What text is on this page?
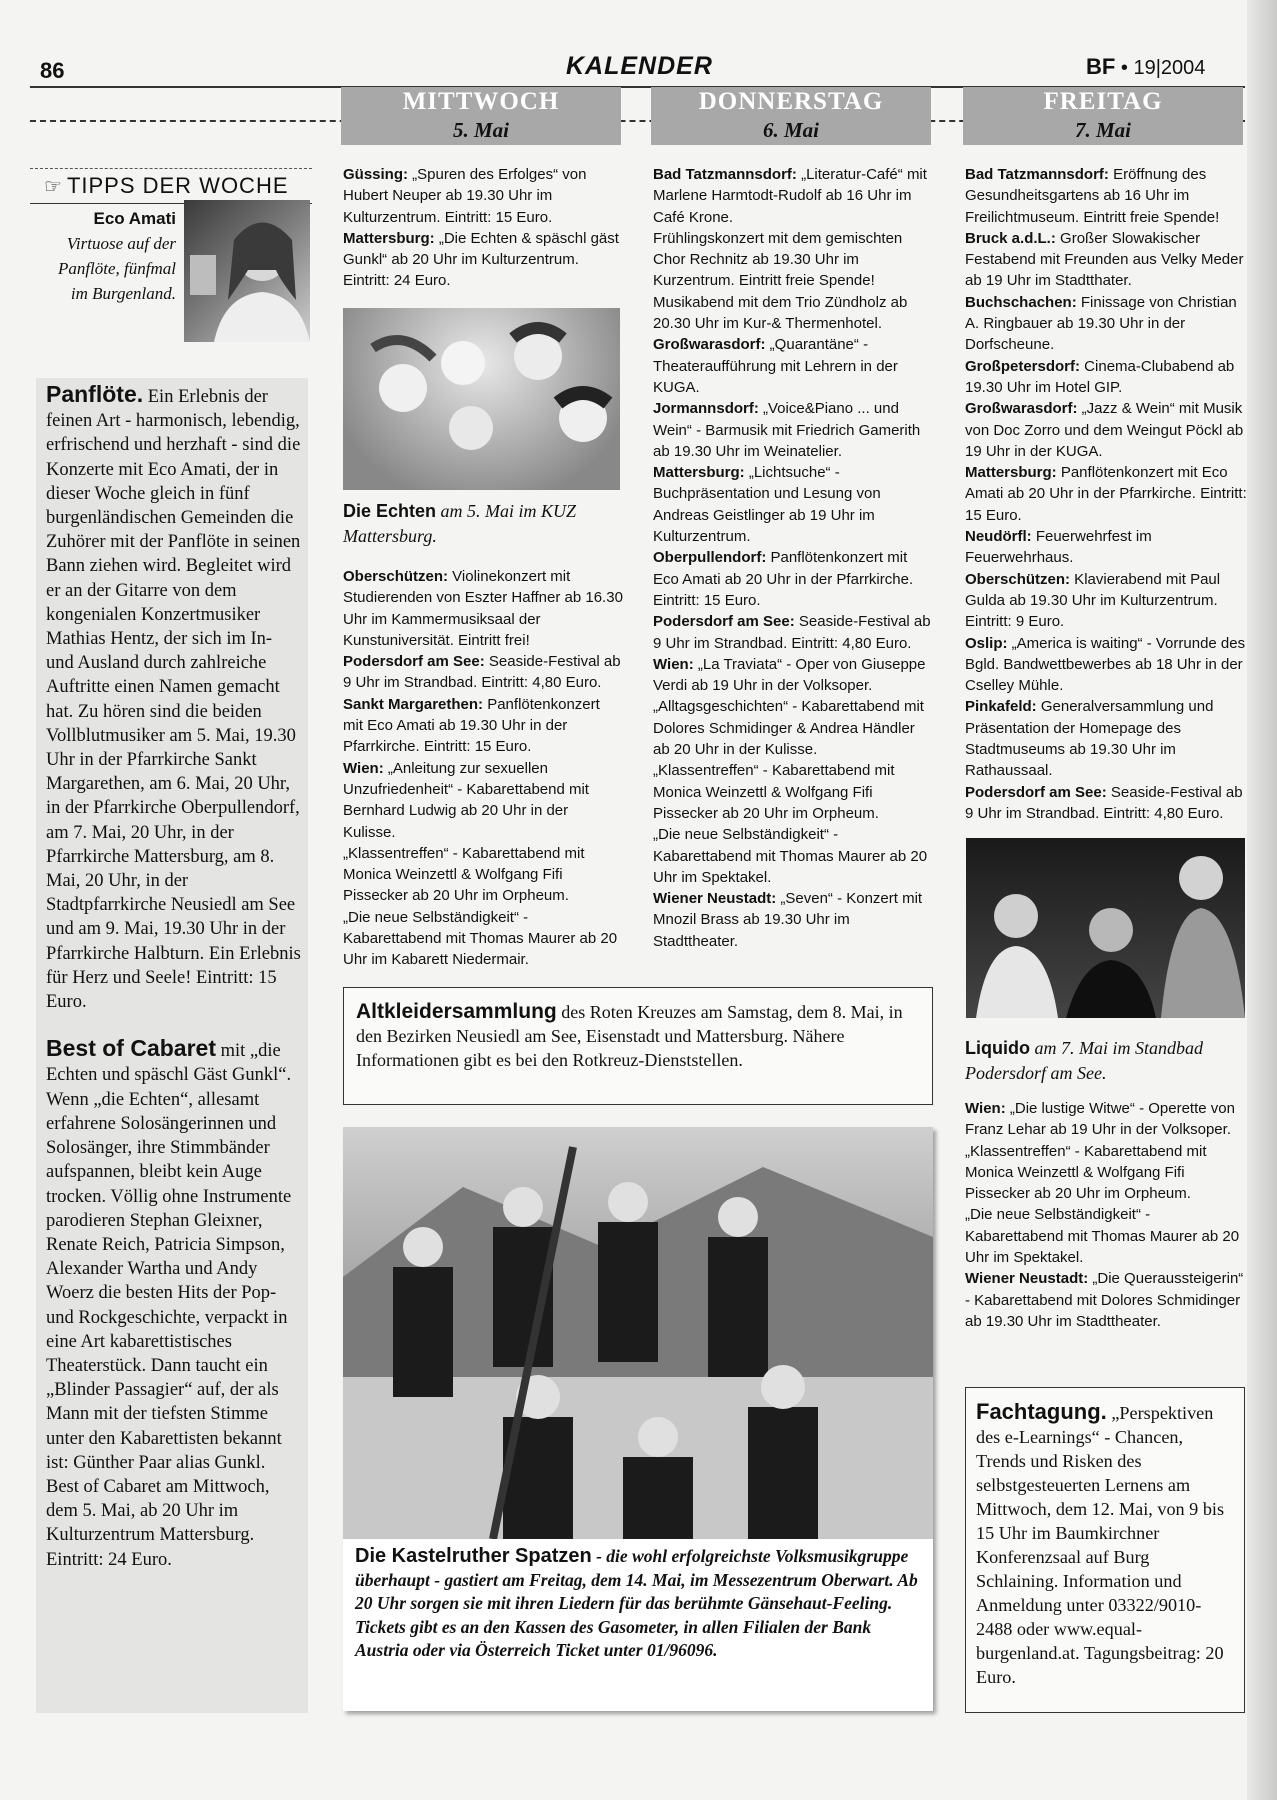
86	KALENDER	BF • 19|2004
MITTWOCH
5. Mai
DONNERSTAG
6. Mai
FREITAG
7. Mai
☞ TIPPS DER WOCHE
Eco Amati
Virtuose auf der Panflöte, fünfmal im Burgenland.

Panflöte. Ein Erlebnis der feinen Art - harmonisch, lebendig, erfrischend und herzhaft - sind die Konzerte mit Eco Amati, der in dieser Woche gleich in fünf burgenländischen Gemeinden die Zuhörer mit der Panflöte in seinen Bann ziehen wird. Begleitet wird er an der Gitarre von dem kongenialen Konzertmusiker Mathias Hentz, der sich im In- und Ausland durch zahlreiche Auftritte einen Namen gemacht hat. Zu hören sind die beiden Vollblutmusiker am 5. Mai, 19.30 Uhr in der Pfarrkirche Sankt Margarethen, am 6. Mai, 20 Uhr, in der Pfarrkirche Oberpullendorf, am 7. Mai, 20 Uhr, in der Pfarrkirche Mattersburg, am 8. Mai, 20 Uhr, in der Stadtpfarrkirche Neusiedl am See und am 9. Mai, 19.30 Uhr in der Pfarrkirche Halbturn. Ein Erlebnis für Herz und Seele! Eintritt: 15 Euro.

Best of Cabaret mit „die Echten und späschl Gäst Gunkl“. Wenn „die Echten“, allesamt erfahrene Solosängerinnen und Solosänger, ihre Stimmbänder aufspannen, bleibt kein Auge trocken. Völlig ohne Instrumente parodieren Stephan Gleixner, Renate Reich, Patricia Simpson, Alexander Wartha und Andy Woerz die besten Hits der Pop- und Rockgeschichte, verpackt in eine Art kabarettistisches Theaterstück. Dann taucht ein „Blinder Passagier“ auf, der als Mann mit der tiefsten Stimme unter den Kabarettisten bekannt ist: Günther Paar alias Gunkl. Best of Cabaret am Mittwoch, dem 5. Mai, ab 20 Uhr im Kulturzentrum Mattersburg. Eintritt: 24 Euro.

Güssing: „Spuren des Erfolges“ von Hubert Neuper ab 19.30 Uhr im Kulturzentrum. Eintritt: 15 Euro.

Mattersburg: „Die Echten & späschl gäst Gunkl“ ab 20 Uhr im Kulturzentrum. Eintritt: 24 Euro.

Die Echten am 5. Mai im KUZ Mattersburg.

Oberschützen: Violinekonzert mit Studierenden von Eszter Haffner ab 16.30 Uhr im Kammermusiksaal der Kunstuniversität. Eintritt frei!

Podersdorf am See: Seaside-Festival ab 9 Uhr im Strandbad. Eintritt: 4,80 Euro.

Sankt Margarethen: Panflötenkonzert mit Eco Amati ab 19.30 Uhr in der Pfarrkirche. Eintritt: 15 Euro.

Wien: „Anleitung zur sexuellen Unzufriedenheit“ - Kabarettabend mit Bernhard Ludwig ab 20 Uhr in der Kulisse.

„Klassentreffen“ - Kabarettabend mit Monica Weinzettl & Wolfgang Fifi Pissecker ab 20 Uhr im Orpheum.

„Die neue Selbständigkeit“ - Kabarettabend mit Thomas Maurer ab 20 Uhr im Kabarett Niedermair.

Bad Tatzmannsdorf: „Literatur-Café“ mit Marlene Harmtodt-Rudolf ab 16 Uhr im Café Krone.

Frühlingskonzert mit dem gemischten Chor Rechnitz ab 19.30 Uhr im Kurzentrum. Eintritt freie Spende!

Musikabend mit dem Trio Zündholz ab 20.30 Uhr im Kur-& Thermenhotel.

Großwarasdorf: „Quarantäne“ - Theateraufführung mit Lehrern in der KUGA.

Jormannsdorf: „Voice&Piano ... und Wein“ - Barmusik mit Friedrich Gamerith ab 19.30 Uhr im Weinatelier.

Mattersburg: „Lichtsuche“ - Buchpräsentation und Lesung von Andreas Geistlinger ab 19 Uhr im Kulturzentrum.

Oberpullendorf: Panflötenkonzert mit Eco Amati ab 20 Uhr in der Pfarrkirche. Eintritt: 15 Euro.

Podersdorf am See: Seaside-Festival ab 9 Uhr im Strandbad. Eintritt: 4,80 Euro.

Wien: „La Traviata“ - Oper von Giuseppe Verdi ab 19 Uhr in der Volksoper.

„Alltagsgeschichten“ - Kabarettabend mit Dolores Schmidinger & Andrea Händler ab 20 Uhr in der Kulisse.

„Klassentreffen“ - Kabarettabend mit Monica Weinzettl & Wolfgang Fifi Pissecker ab 20 Uhr im Orpheum.

„Die neue Selbständigkeit“ - Kabarettabend mit Thomas Maurer ab 20 Uhr im Spektakel.

Wiener Neustadt: „Seven“ - Konzert mit Mnozil Brass ab 19.30 Uhr im Stadttheater.

Bad Tatzmannsdorf: Eröffnung des Gesundheitsgartens ab 16 Uhr im Freilichtmuseum. Eintritt freie Spende!

Bruck a.d.L.: Großer Slowakischer Festabend mit Freunden aus Velky Meder ab 19 Uhr im Stadtthater.

Buchschachen: Finissage von Christian A. Ringbauer ab 19.30 Uhr in der Dorfscheune.

Großpetersdorf: Cinema-Clubabend ab 19.30 Uhr im Hotel GIP.

Großwarasdorf: „Jazz & Wein“ mit Musik von Doc Zorro und dem Weingut Pöckl ab 19 Uhr in der KUGA.

Mattersburg: Panflötenkonzert mit Eco Amati ab 20 Uhr in der Pfarrkirche. Eintritt: 15 Euro.

Neudörfl: Feuerwehrfest im Feuerwehrhaus.

Oberschützen: Klavierabend mit Paul Gulda ab 19.30 Uhr im Kulturzentrum. Eintritt: 9 Euro.

Oslip: „America is waiting“ - Vorrunde des Bgld. Bandwettbewerbes ab 18 Uhr in der Cselley Mühle.

Pinkafeld: Generalversammlung und Präsentation der Homepage des Stadtmuseums ab 19.30 Uhr im Rathaussaal.

Podersdorf am See: Seaside-Festival ab 9 Uhr im Strandbad. Eintritt: 4,80 Euro.

Liquido am 7. Mai im Standbad Podersdorf am See.

Wien: „Die lustige Witwe“ - Operette von Franz Lehar ab 19 Uhr in der Volksoper.

„Klassentreffen“ - Kabarettabend mit Monica Weinzettl & Wolfgang Fifi Pissecker ab 20 Uhr im Orpheum.

„Die neue Selbständigkeit“ - Kabarettabend mit Thomas Maurer ab 20 Uhr im Spektakel.

Wiener Neustadt: „Die Queraussteigerin“ - Kabarettabend mit Dolores Schmidinger ab 19.30 Uhr im Stadttheater.

Altkleidersammlung des Roten Kreuzes am Samstag, dem 8. Mai, in den Bezirken Neusiedl am See, Eisenstadt und Mattersburg. Nähere Informationen gibt es bei den Rotkreuz-Dienststellen.

Die Kastelruther Spatzen - die wohl erfolgreichste Volksmusikgruppe überhaupt - gastiert am Freitag, dem 14. Mai, im Messezentrum Oberwart. Ab 20 Uhr sorgen sie mit ihren Liedern für das berühmte Gänsehaut-Feeling. Tickets gibt es an den Kassen des Gasometer, in allen Filialen der Bank Austria oder via Österreich Ticket unter 01/96096.

Fachtagung. „Perspektiven des e-Learnings“ - Chancen, Trends und Risken des selbstgesteuerten Lernens am Mittwoch, dem 12. Mai, von 9 bis 15 Uhr im Baumkirchner Konferenzsaal auf Burg Schlaining. Information und Anmeldung unter 03322/9010-2488 oder www.equal-burgenland.at. Tagungsbeitrag: 20 Euro.
